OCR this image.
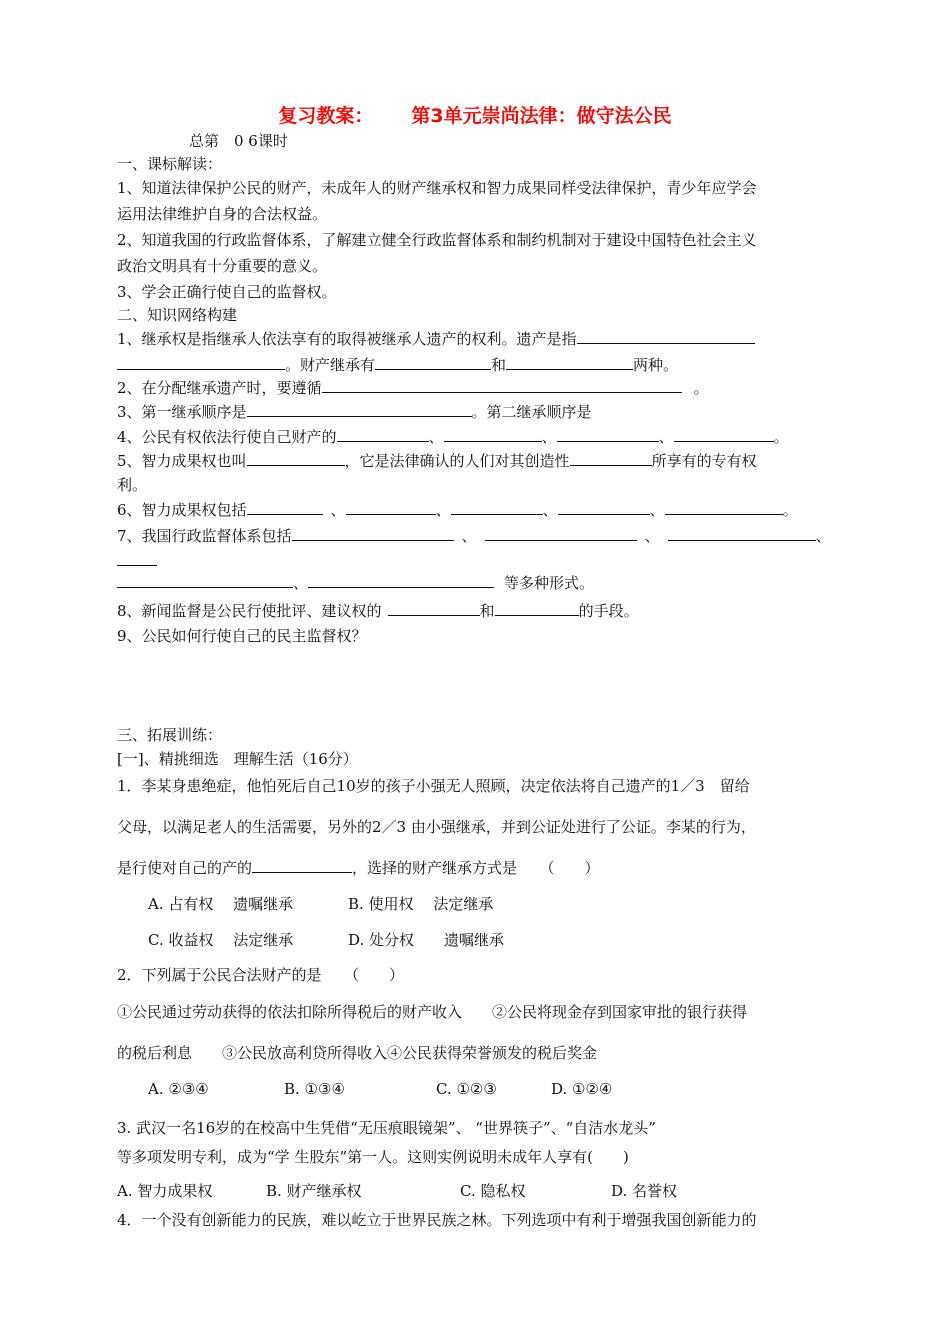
复习教案： 第3单元崇尚法律：做守法公民
总第　0 6课时
一、课标解读：
1、知道法律保护公民的财产，未成年人的财产继承权和智力成果同样受法律保护，青少年应学会
运用法律维护自身的合法权益。
2、知道我国的行政监督体系，了解建立健全行政监督体系和制约机制对于建设中国特色社会主义
政治文明具有十分重要的意义。
3、学会正确行使自己的监督权。
二、知识网络构建
1、继承权是指继承人依法享有的取得被继承人遗产的权利。遗产是指
。财产继承有	和	两种。
2、在分配继承遗产时，要遵循	。
3、第一继承顺序是	。第二继承顺序是
4、公民有权依法行使自己财产的	、	、	、	。
5、智力成果权也叫	，它是法律确认的人们对其创造性	所享有的专有权
利。
6、智力成果权包括	、	、	、	、	。
7、我国行政监督体系包括	、	、	、
、	等多种形式。
8、新闻监督是公民行使批评、建议权的	和	的手段。
9、公民如何行使自己的民主监督权？
三、拓展训练：
[一]、精挑细选　理解生活（16分）
1．李某身患绝症，他怕死后自己10岁的孩子小强无人照顾，决定依法将自己遗产的1／3　留给
父母，以满足老人的生活需要，另外的2／3 由小强继承，并到公证处进行了公证。李某的行为，
是行使对自己的产的	，选择的财产继承方式是　　（　　）
A. 占有权　 遗嘱继承	B. 使用权　 法定继承
C. 收益权　 法定继承	D. 处分权　　遗嘱继承
2．下列属于公民合法财产的是　　（　　）
①公民通过劳动获得的依法扣除所得税后的财产收入　　②公民将现金存到国家审批的银行获得
的税后利息　　③公民放高利贷所得收入④公民获得荣誉颁发的税后奖金
A. ②③④	B. ①③④	C. ①②③	D. ①②④
3. 武汉一名16岁的在校高中生凭借“无压痕眼镜架”、 “世界筷子”、“自洁水龙头”
等多项发明专利，成为“学 生股东”第一人。这则实例说明未成年人享有(　　)
A. 智力成果权	B. 财产继承权	C. 隐私权	D. 名誉权
4．一个没有创新能力的民族，难以屹立于世界民族之林。下列选项中有利于增强我国创新能力的
